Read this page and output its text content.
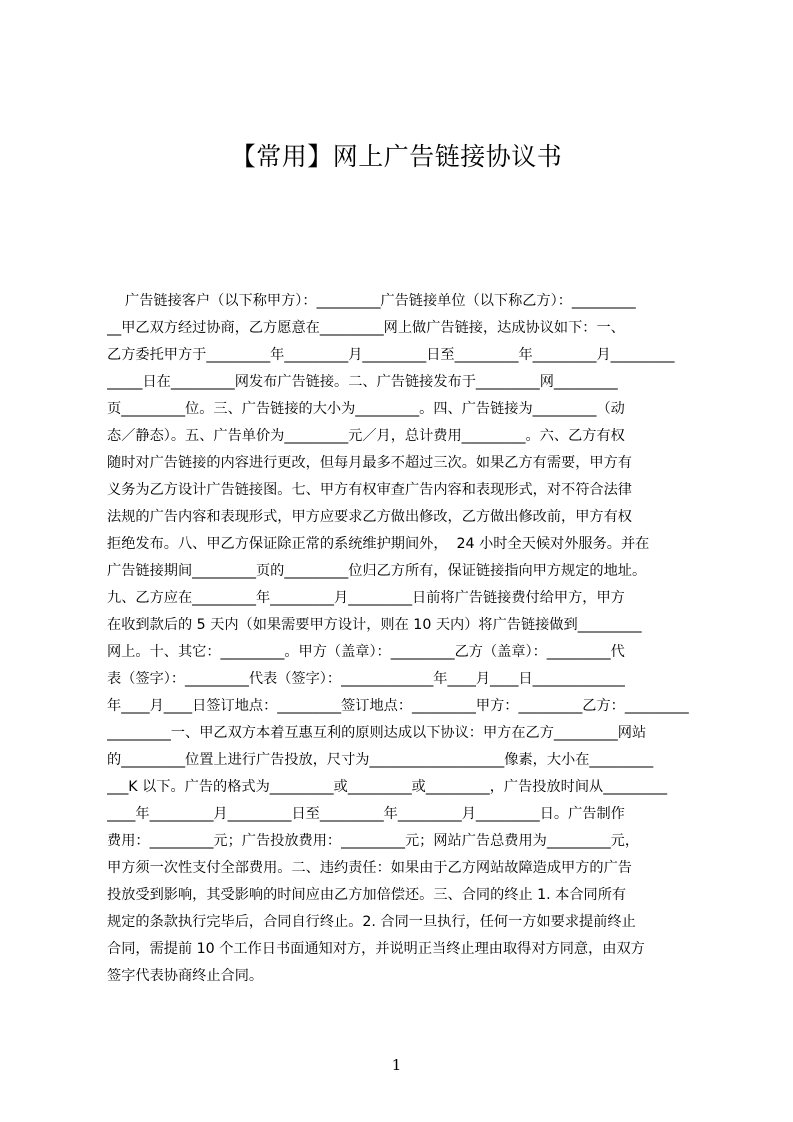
【常用】网上广告链接协议书
广告链接客户（以下称甲方）：_________广告链接单位（以下称乙方）：_________
__甲乙双方经过协商，乙方愿意在_________网上做广告链接，达成协议如下：一、
乙方委托甲方于_________年_________月_________日至_________年_________月_________
_____日在_________网发布广告链接。二、广告链接发布于_________网_________
页_________位。三、广告链接的大小为_________。四、广告链接为_________（动
态／静态）。五、广告单价为_________元／月，总计费用_________。六、乙方有权
随时对广告链接的内容进行更改，但每月最多不超过三次。如果乙方有需要，甲方有
义务为乙方设计广告链接图。七、甲方有权审查广告内容和表现形式，对不符合法律
法规的广告内容和表现形式，甲方应要求乙方做出修改，乙方做出修改前，甲方有权
拒绝发布。八、甲乙方保证除正常的系统维护期间外，  24 小时全天候对外服务。并在
广告链接期间_________页的_________位归乙方所有，保证链接指向甲方规定的地址。
九、乙方应在_________年_________月_________日前将广告链接费付给甲方，甲方
在收到款后的 5 天内（如果需要甲方设计，则在 10 天内）将广告链接做到_________
网上。十、其它：_________。甲方（盖章）：_________乙方（盖章）：_________代
表（签字）：_________代表（签字）：_____________年____月____日_____________
年____月____日签订地点：_________签订地点：_________甲方：_________乙方：_________
_________一、甲乙双方本着互惠互利的原则达成以下协议：甲方在乙方_________网站
的_________位置上进行广告投放，尺寸为___________________像素，大小在_________
___K 以下。广告的格式为_________或_________或_________，广告投放时间从_________
____年_________月_________日至_________年_________月_________日。广告制作
费用：_________元；广告投放费用：_________元；网站广告总费用为_________元，
甲方须一次性支付全部费用。二、违约责任：如果由于乙方网站故障造成甲方的广告
投放受到影响，其受影响的时间应由乙方加倍偿还。三、合同的终止 1. 本合同所有
规定的条款执行完毕后，合同自行终止。2. 合同一旦执行，任何一方如要求提前终止
合同，需提前 10 个工作日书面通知对方，并说明正当终止理由取得对方同意，由双方
签字代表协商终止合同。
1
